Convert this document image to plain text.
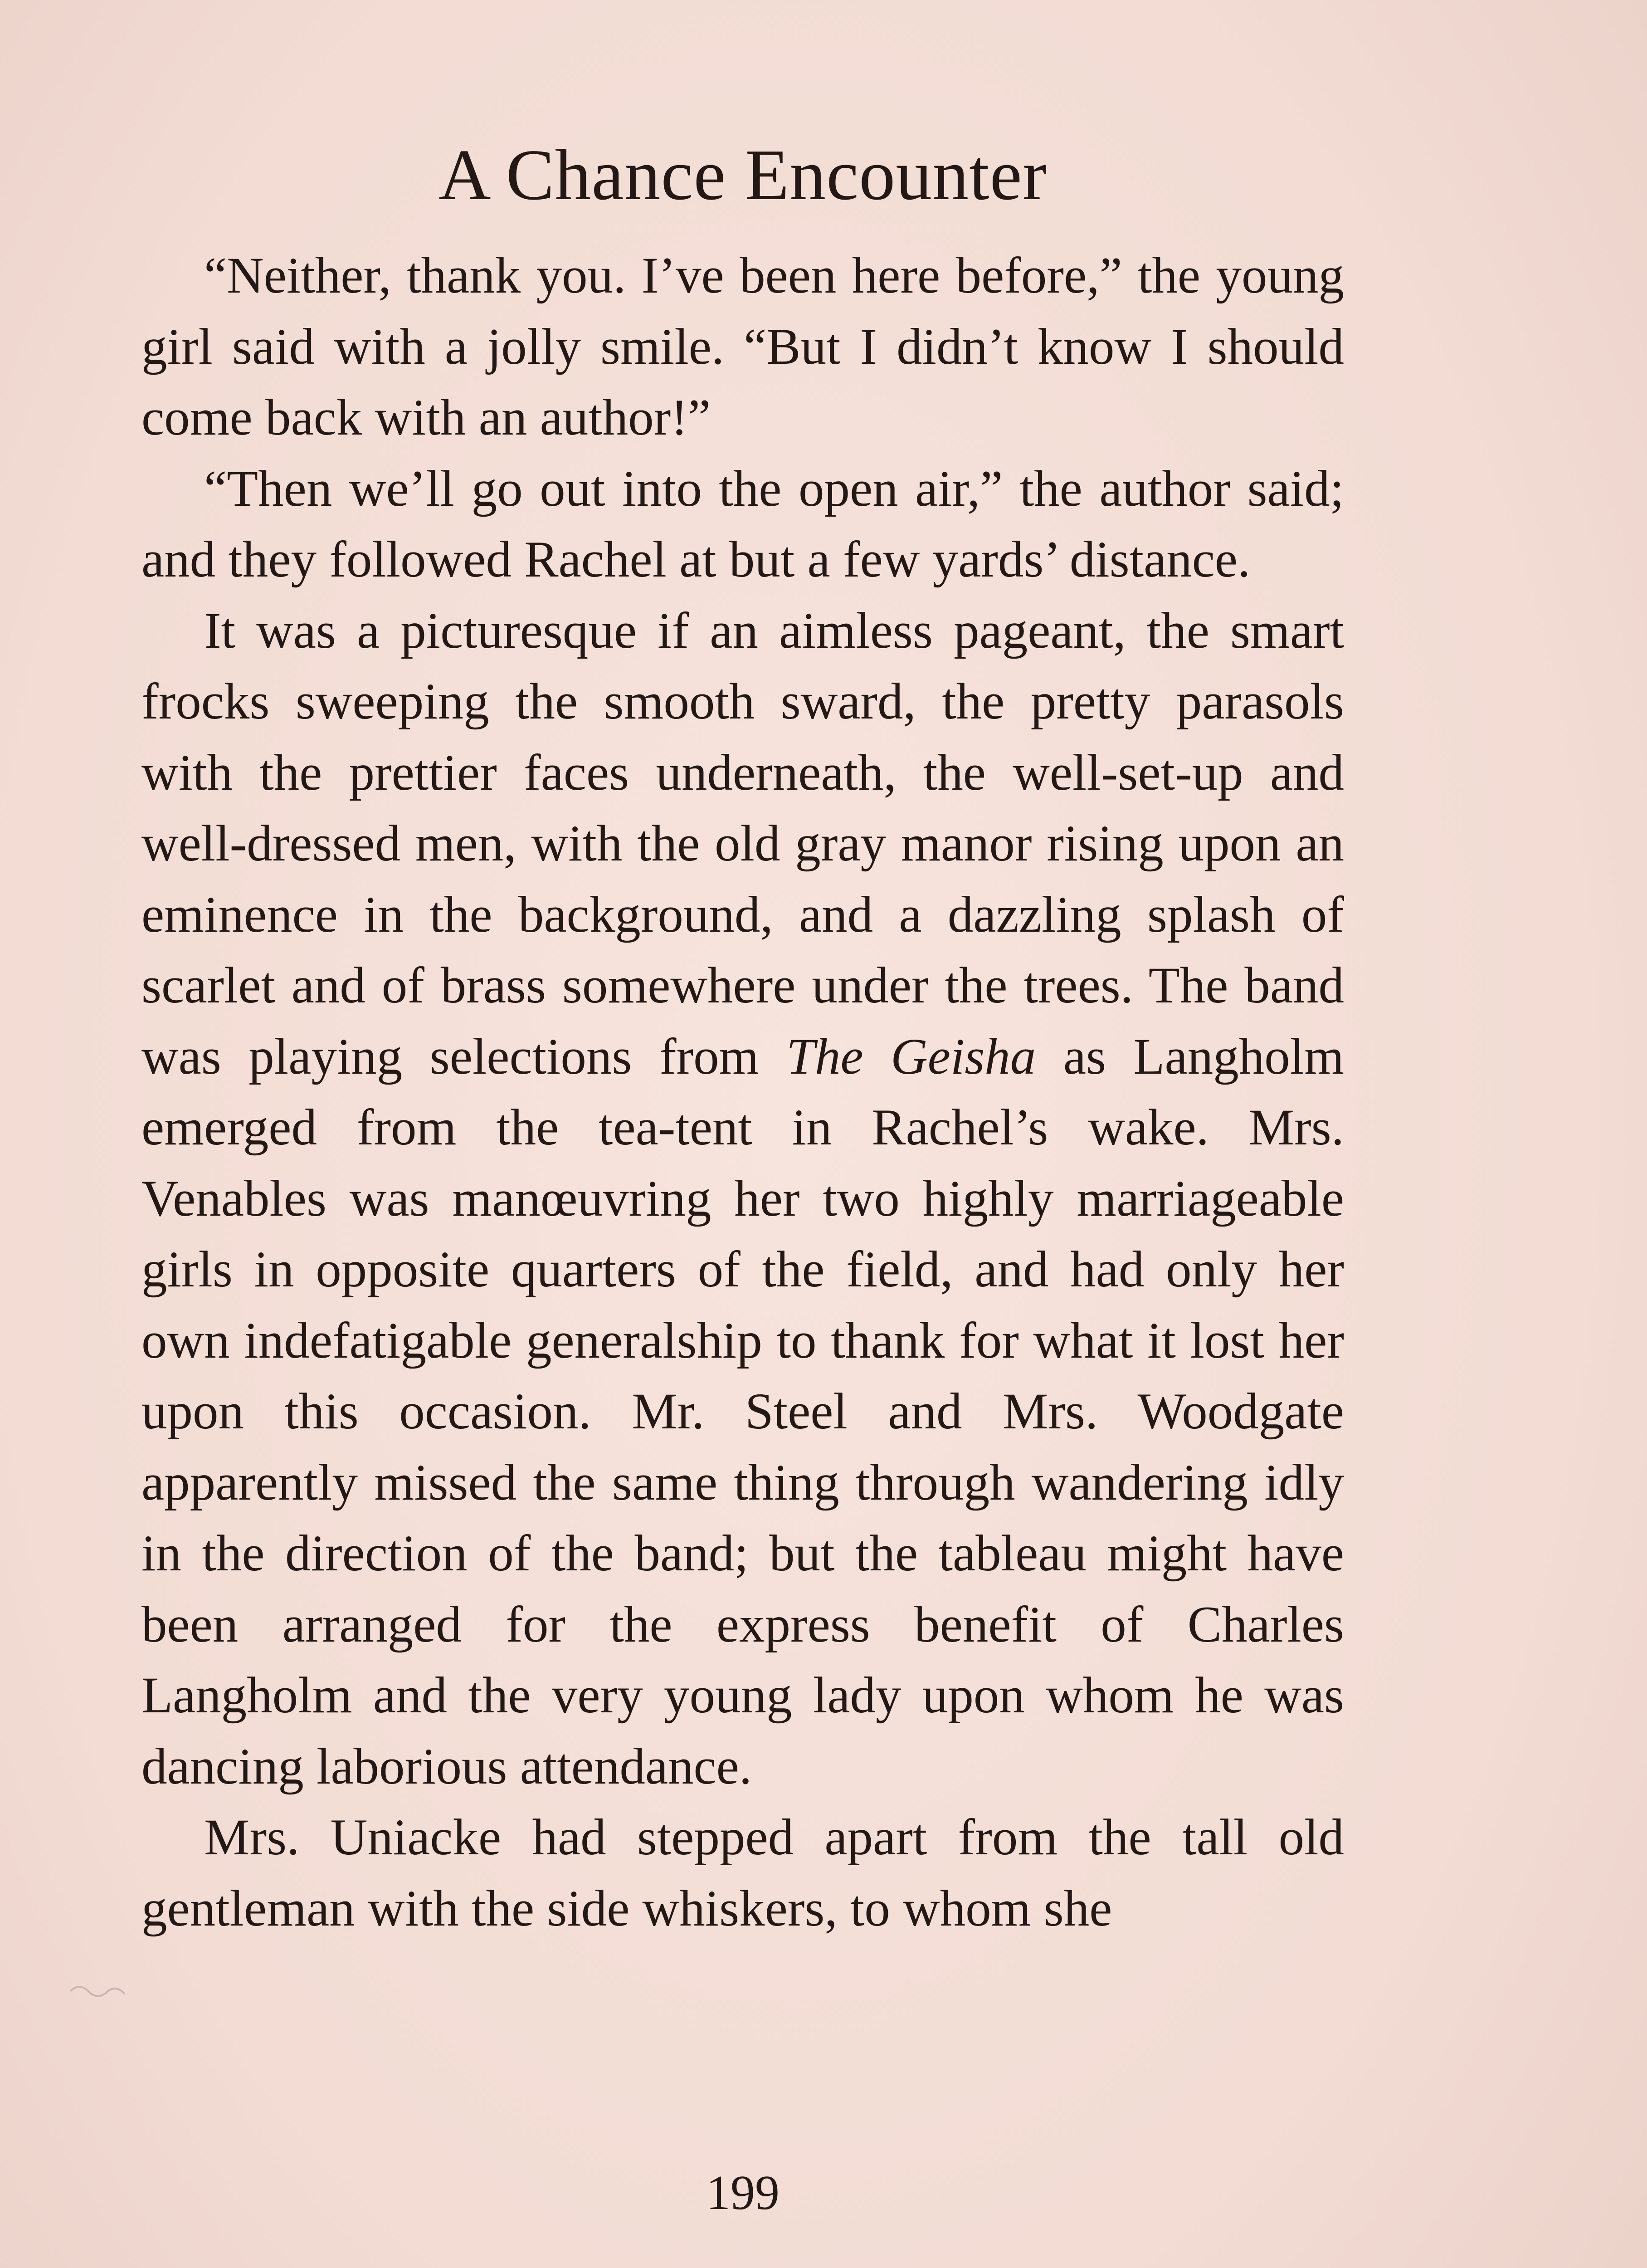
A Chance Encounter

“Neither, thank you. I’ve been here before,” the young girl said with a jolly smile. “But I didn’t know I should come back with an author!”

“Then we’ll go out into the open air,” the author said; and they followed Rachel at but a few yards’ distance.

It was a picturesque if an aimless pageant, the smart frocks sweeping the smooth sward, the pretty parasols with the prettier faces underneath, the well-set-up and well-dressed men, with the old gray manor rising upon an eminence in the background, and a dazzling splash of scarlet and of brass somewhere under the trees. The band was playing selections from The Geisha as Langholm emerged from the tea-tent in Rachel’s wake. Mrs. Venables was manœuvring her two highly marriageable girls in opposite quarters of the field, and had only her own indefatigable generalship to thank for what it lost her upon this occasion. Mr. Steel and Mrs. Woodgate apparently missed the same thing through wandering idly in the direction of the band; but the tableau might have been arranged for the express benefit of Charles Langholm and the very young lady upon whom he was dancing laborious attendance.

Mrs. Uniacke had stepped apart from the tall old gentleman with the side whiskers, to whom she

199
